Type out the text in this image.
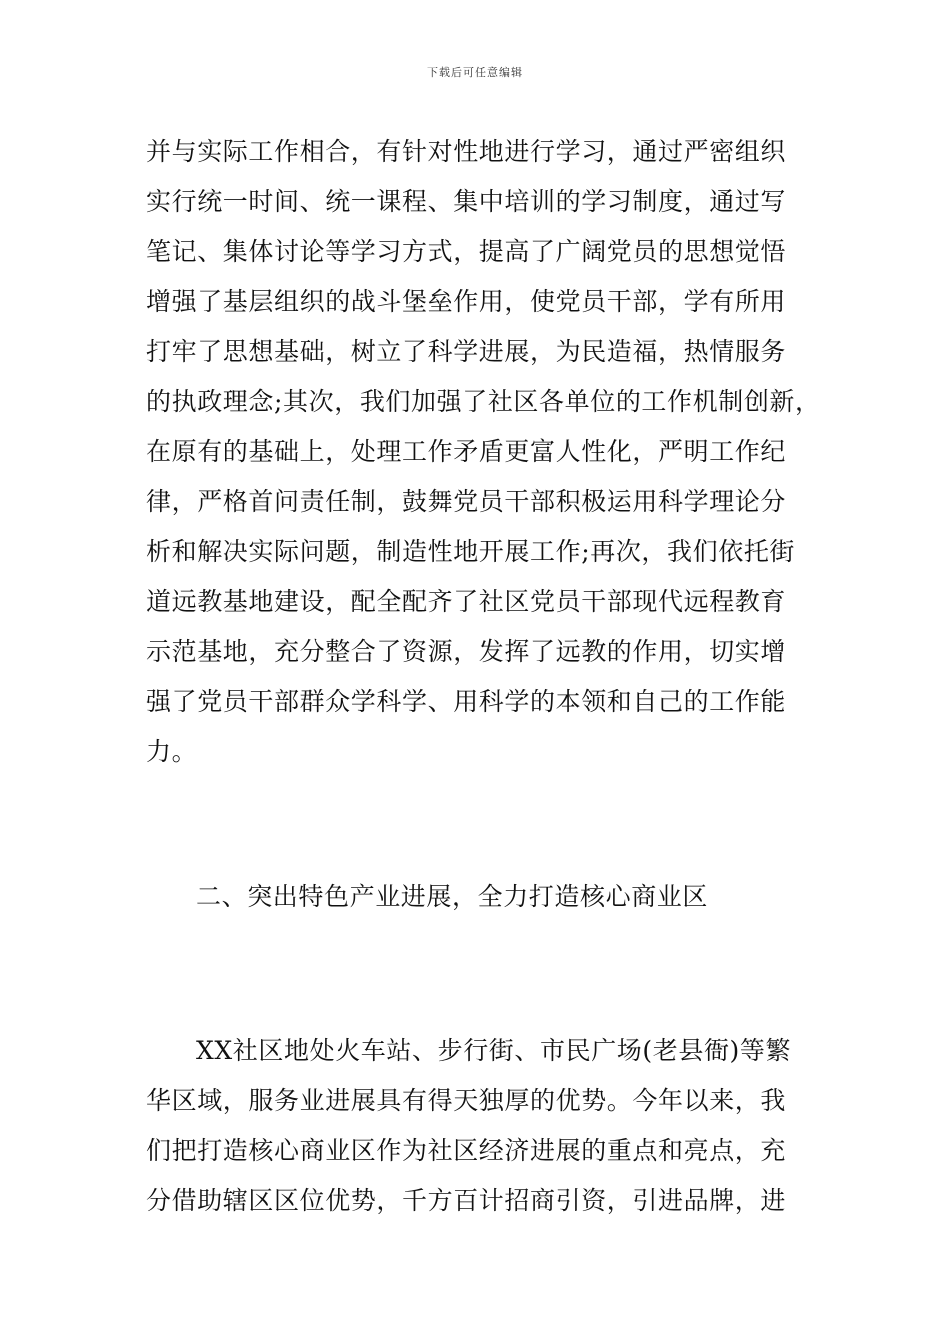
下载后可任意编辑
并与实际工作相合，有针对性地进行学习，通过严密组织
实行统一时间、统一课程、集中培训的学习制度，通过写
笔记、集体讨论等学习方式，提高了广阔党员的思想觉悟
增强了基层组织的战斗堡垒作用，使党员干部，学有所用
打牢了思想基础，树立了科学进展，为民造福，热情服务
的执政理念;其次，我们加强了社区各单位的工作机制创新，
在原有的基础上，处理工作矛盾更富人性化，严明工作纪
律，严格首问责任制，鼓舞党员干部积极运用科学理论分
析和解决实际问题，制造性地开展工作;再次，我们依托街
道远教基地建设，配全配齐了社区党员干部现代远程教育
示范基地，充分整合了资源，发挥了远教的作用，切实增
强了党员干部群众学科学、用科学的本领和自己的工作能
力。
二、突出特色产业进展，全力打造核心商业区
XX社区地处火车站、步行街、市民广场(老县衙)等繁
华区域，服务业进展具有得天独厚的优势。今年以来，我
们把打造核心商业区作为社区经济进展的重点和亮点，充
分借助辖区区位优势，千方百计招商引资，引进品牌，进
